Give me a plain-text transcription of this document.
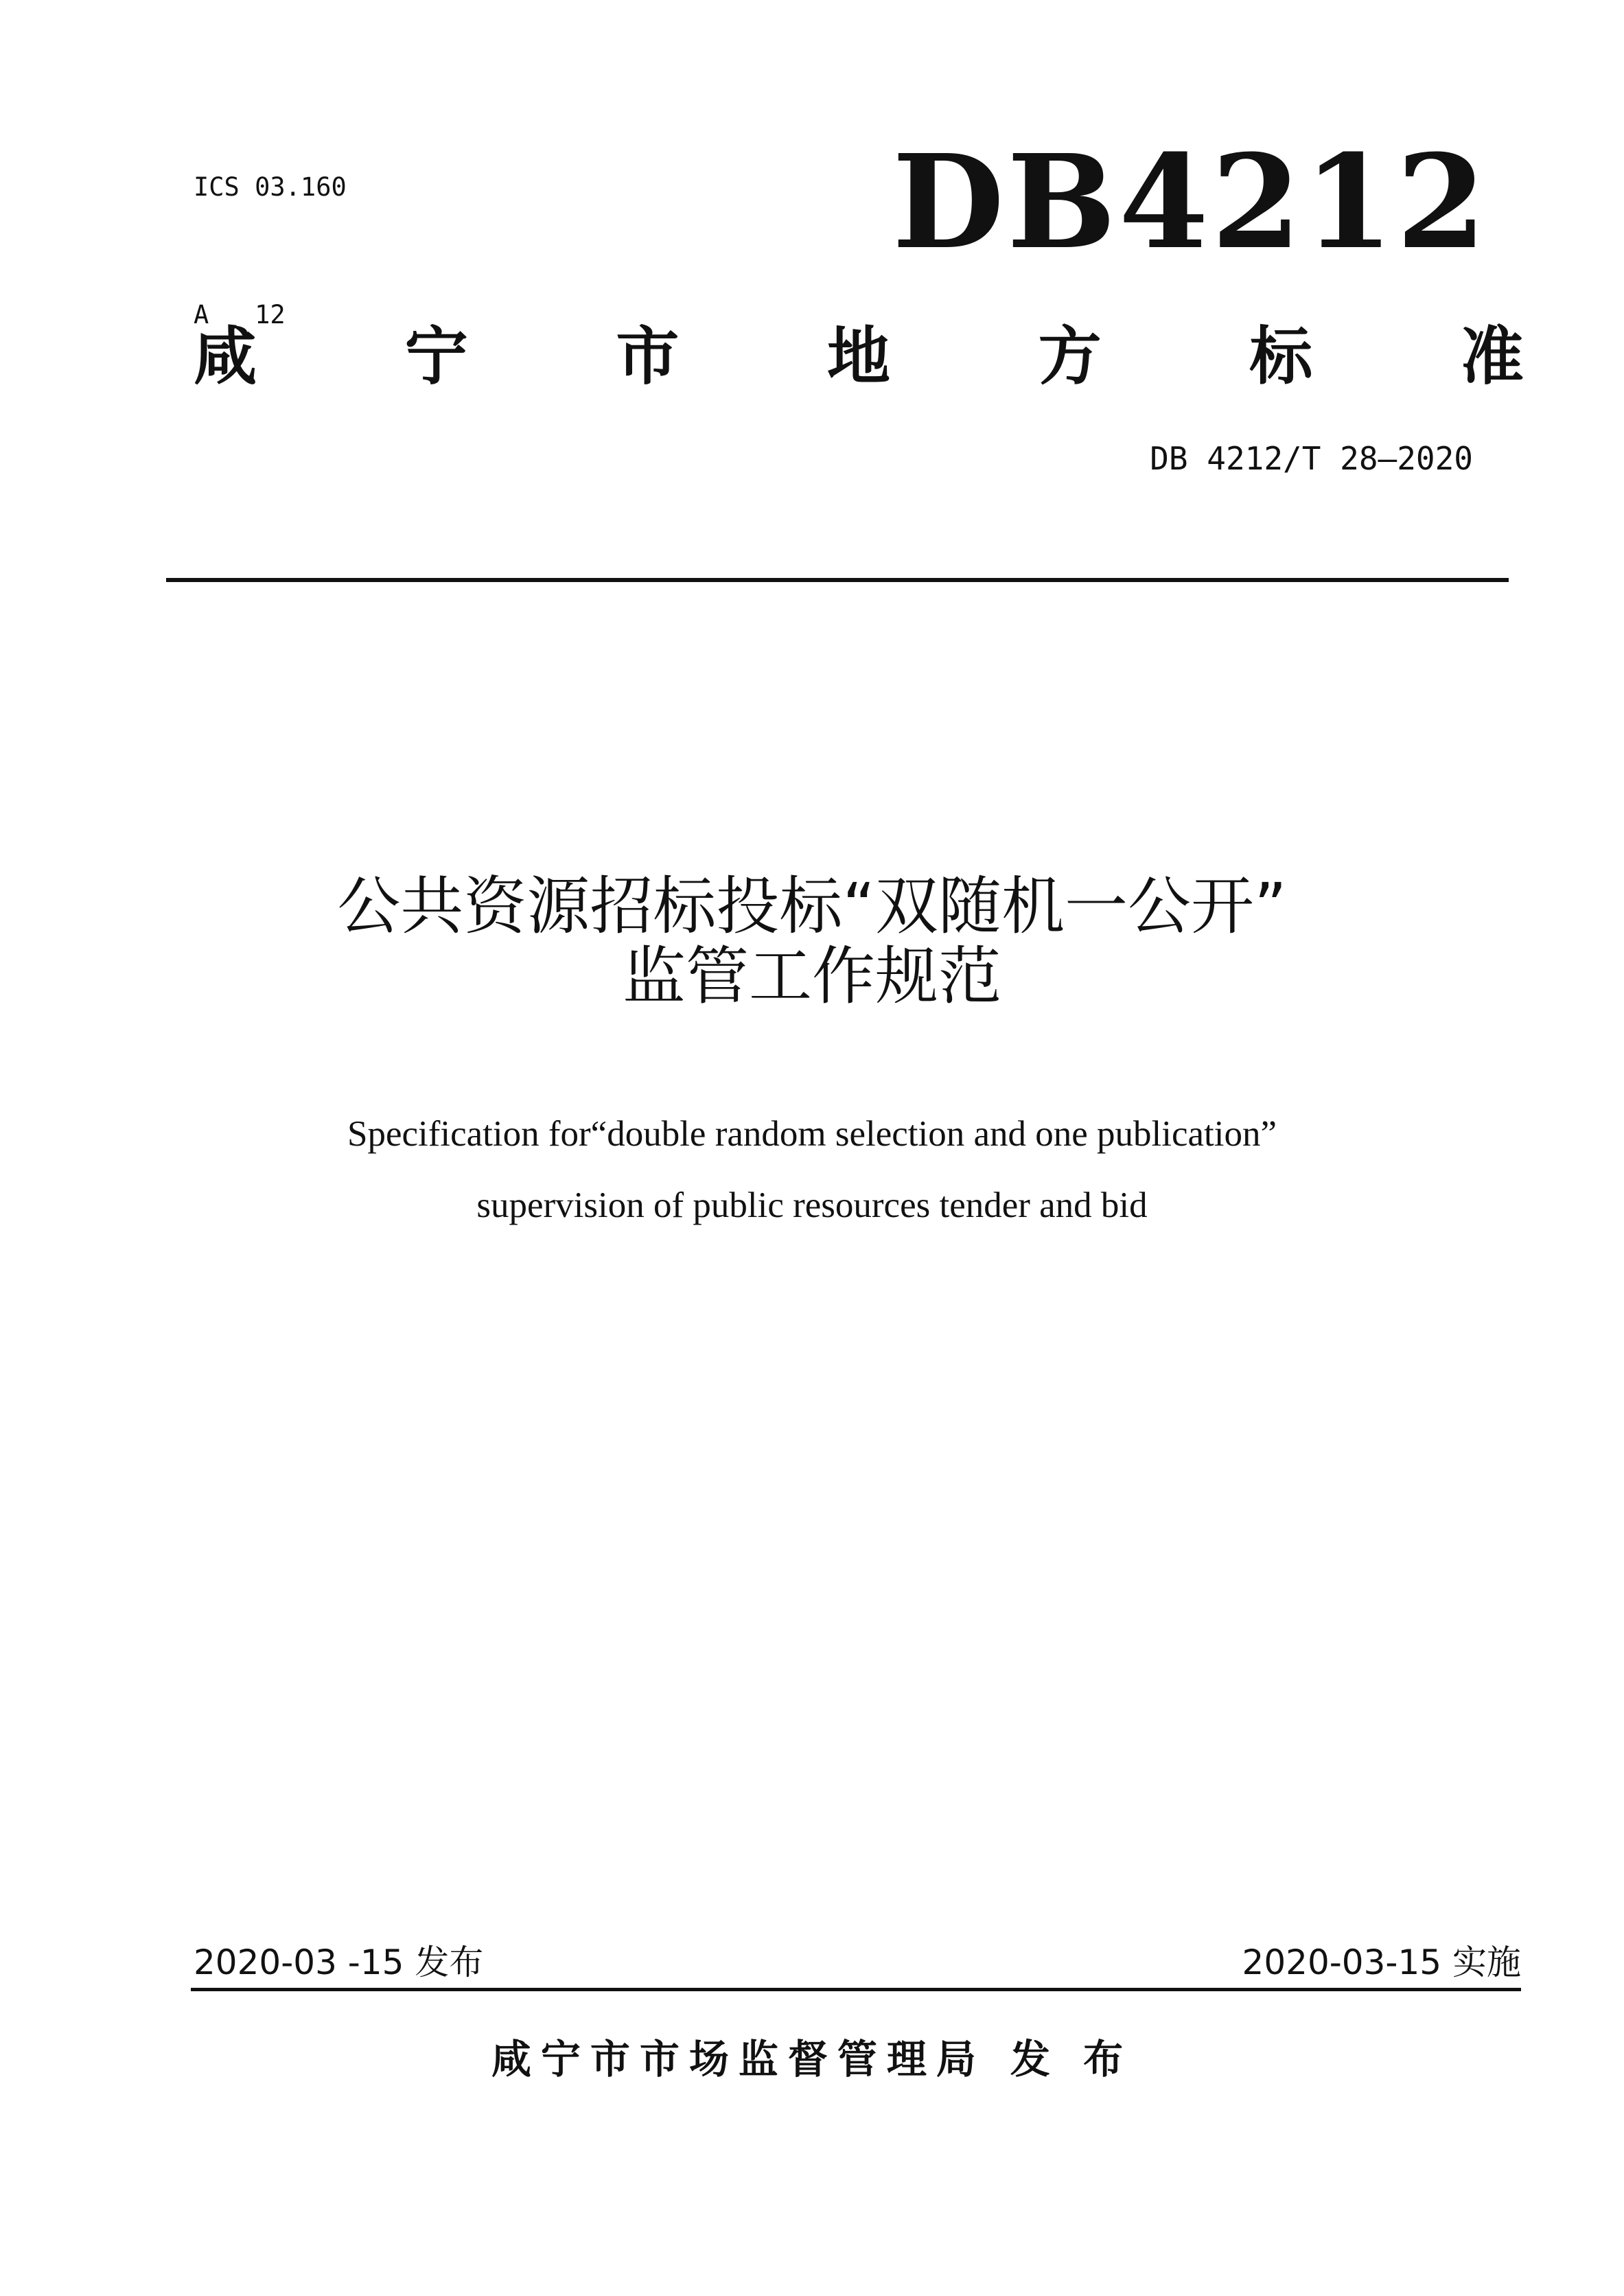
ICS 03.160

A   12

DB4212
咸 宁 市 地 方 标 准
DB 4212/T 28—2020
公共资源招标投标“双随机一公开”
监管工作规范
Specification for“double random selection and one publication”
supervision of public resources tender and bid
2020-03 -15 发布	2020-03-15 实施
咸宁市市场监督管理局 发 布
